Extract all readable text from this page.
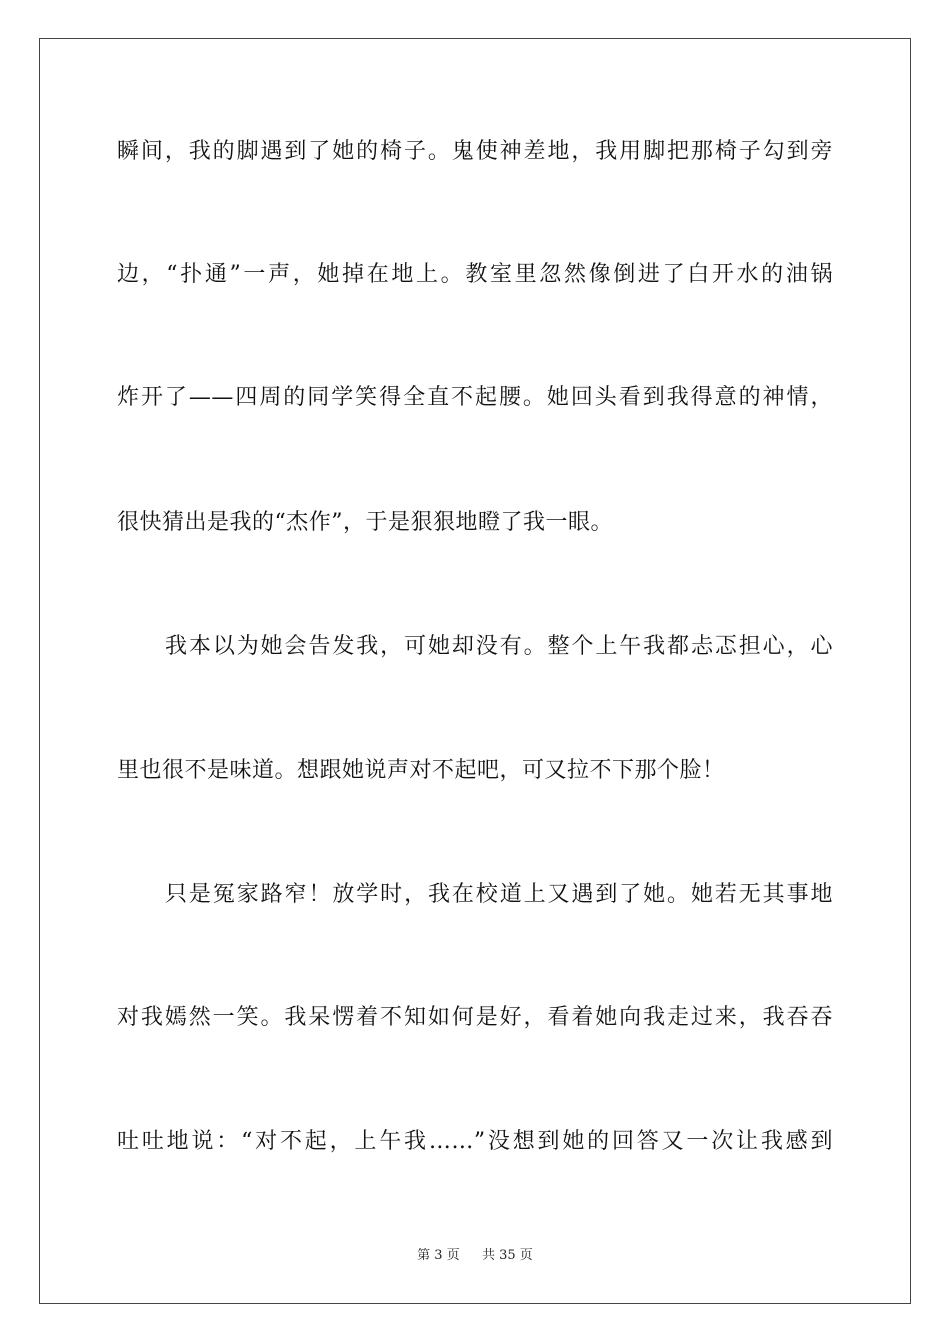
瞬间，我的脚遇到了她的椅子。鬼使神差地，我用脚把那椅子勾到旁
边，“扑通”一声，她掉在地上。教室里忽然像倒进了白开水的油锅
炸开了——四周的同学笑得全直不起腰。她回头看到我得意的神情，
很快猜出是我的“杰作”，于是狠狠地瞪了我一眼。
我本以为她会告发我，可她却没有。整个上午我都忐忑担心，心
里也很不是味道。想跟她说声对不起吧，可又拉不下那个脸！
只是冤家路窄！放学时，我在校道上又遇到了她。她若无其事地
对我嫣然一笑。我呆愣着不知如何是好，看着她向我走过来，我吞吞
吐吐地说：“对不起，上午我……”没想到她的回答又一次让我感到
第 3 页 共 35 页
